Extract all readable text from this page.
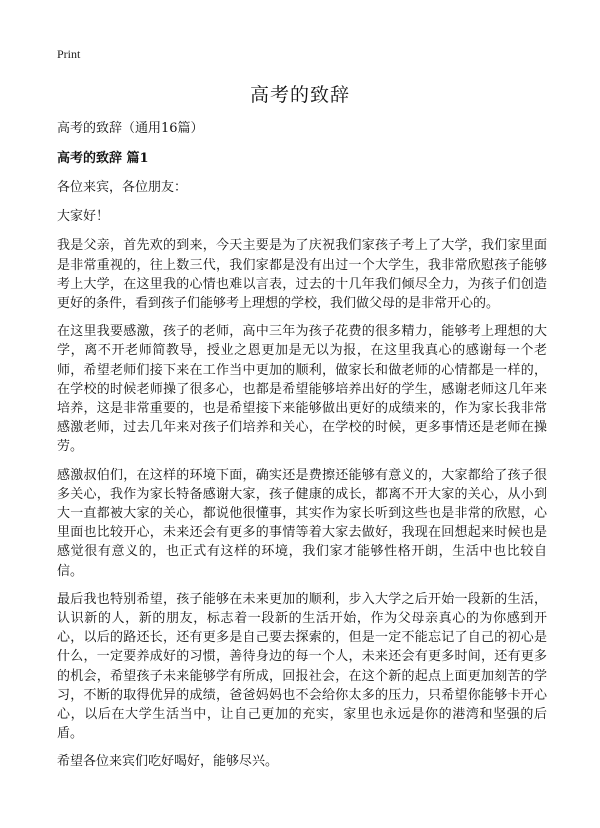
Print
高考的致辞

高考的致辞（通用16篇）

高考的致辞 篇1

各位来宾，各位朋友：

大家好！

我是父亲，首先欢的到来，今天主要是为了庆祝我们家孩子考上了大学，我们家里面是非常重视的，往上数三代，我们家都是没有出过一个大学生，我非常欣慰孩子能够考上大学，在这里我的心情也难以言表，过去的十几年我们倾尽全力，为孩子们创造更好的条件，看到孩子们能够考上理想的学校，我们做父母的是非常开心的。

在这里我要感激，孩子的老师，高中三年为孩子花费的很多精力，能够考上理想的大学，离不开老师简教导，授业之恩更加是无以为报，在这里我真心的感谢每一个老师，希望老师们接下来在工作当中更加的顺利，做家长和做老师的心情都是一样的，在学校的时候老师操了很多心，也都是希望能够培养出好的学生，感谢老师这几年来培养，这是非常重要的，也是希望接下来能够做出更好的成绩来的，作为家长我非常感激老师，过去几年来对孩子们培养和关心，在学校的时候，更多事情还是老师在操劳。

感激叔伯们，在这样的环境下面，确实还是费擦还能够有意义的，大家都给了孩子很多关心，我作为家长特备感谢大家，孩子健康的成长，都离不开大家的关心，从小到大一直都被大家的关心，都说他很懂事，其实作为家长听到这些也是非常的欣慰，心里面也比较开心，未来还会有更多的事情等着大家去做好，我现在回想起来时候也是感觉很有意义的，也正式有这样的环境，我们家才能够性格开朗，生活中也比较自信。

最后我也特别希望，孩子能够在未来更加的顺利，步入大学之后开始一段新的生活，认识新的人，新的朋友，标志着一段新的生活开始，作为父母亲真心的为你感到开心，以后的路还长，还有更多是自己要去探索的，但是一定不能忘记了自己的初心是什么，一定要养成好的习惯，善待身边的每一个人，未来还会有更多时间，还有更多的机会，希望孩子未来能够学有所成，回报社会，在这个新的起点上面更加刻苦的学习，不断的取得优异的成绩，爸爸妈妈也不会给你太多的压力，只希望你能够卡开心心，以后在大学生活当中，让自己更加的充实，家里也永远是你的港湾和坚强的后盾。

希望各位来宾们吃好喝好，能够尽兴。
